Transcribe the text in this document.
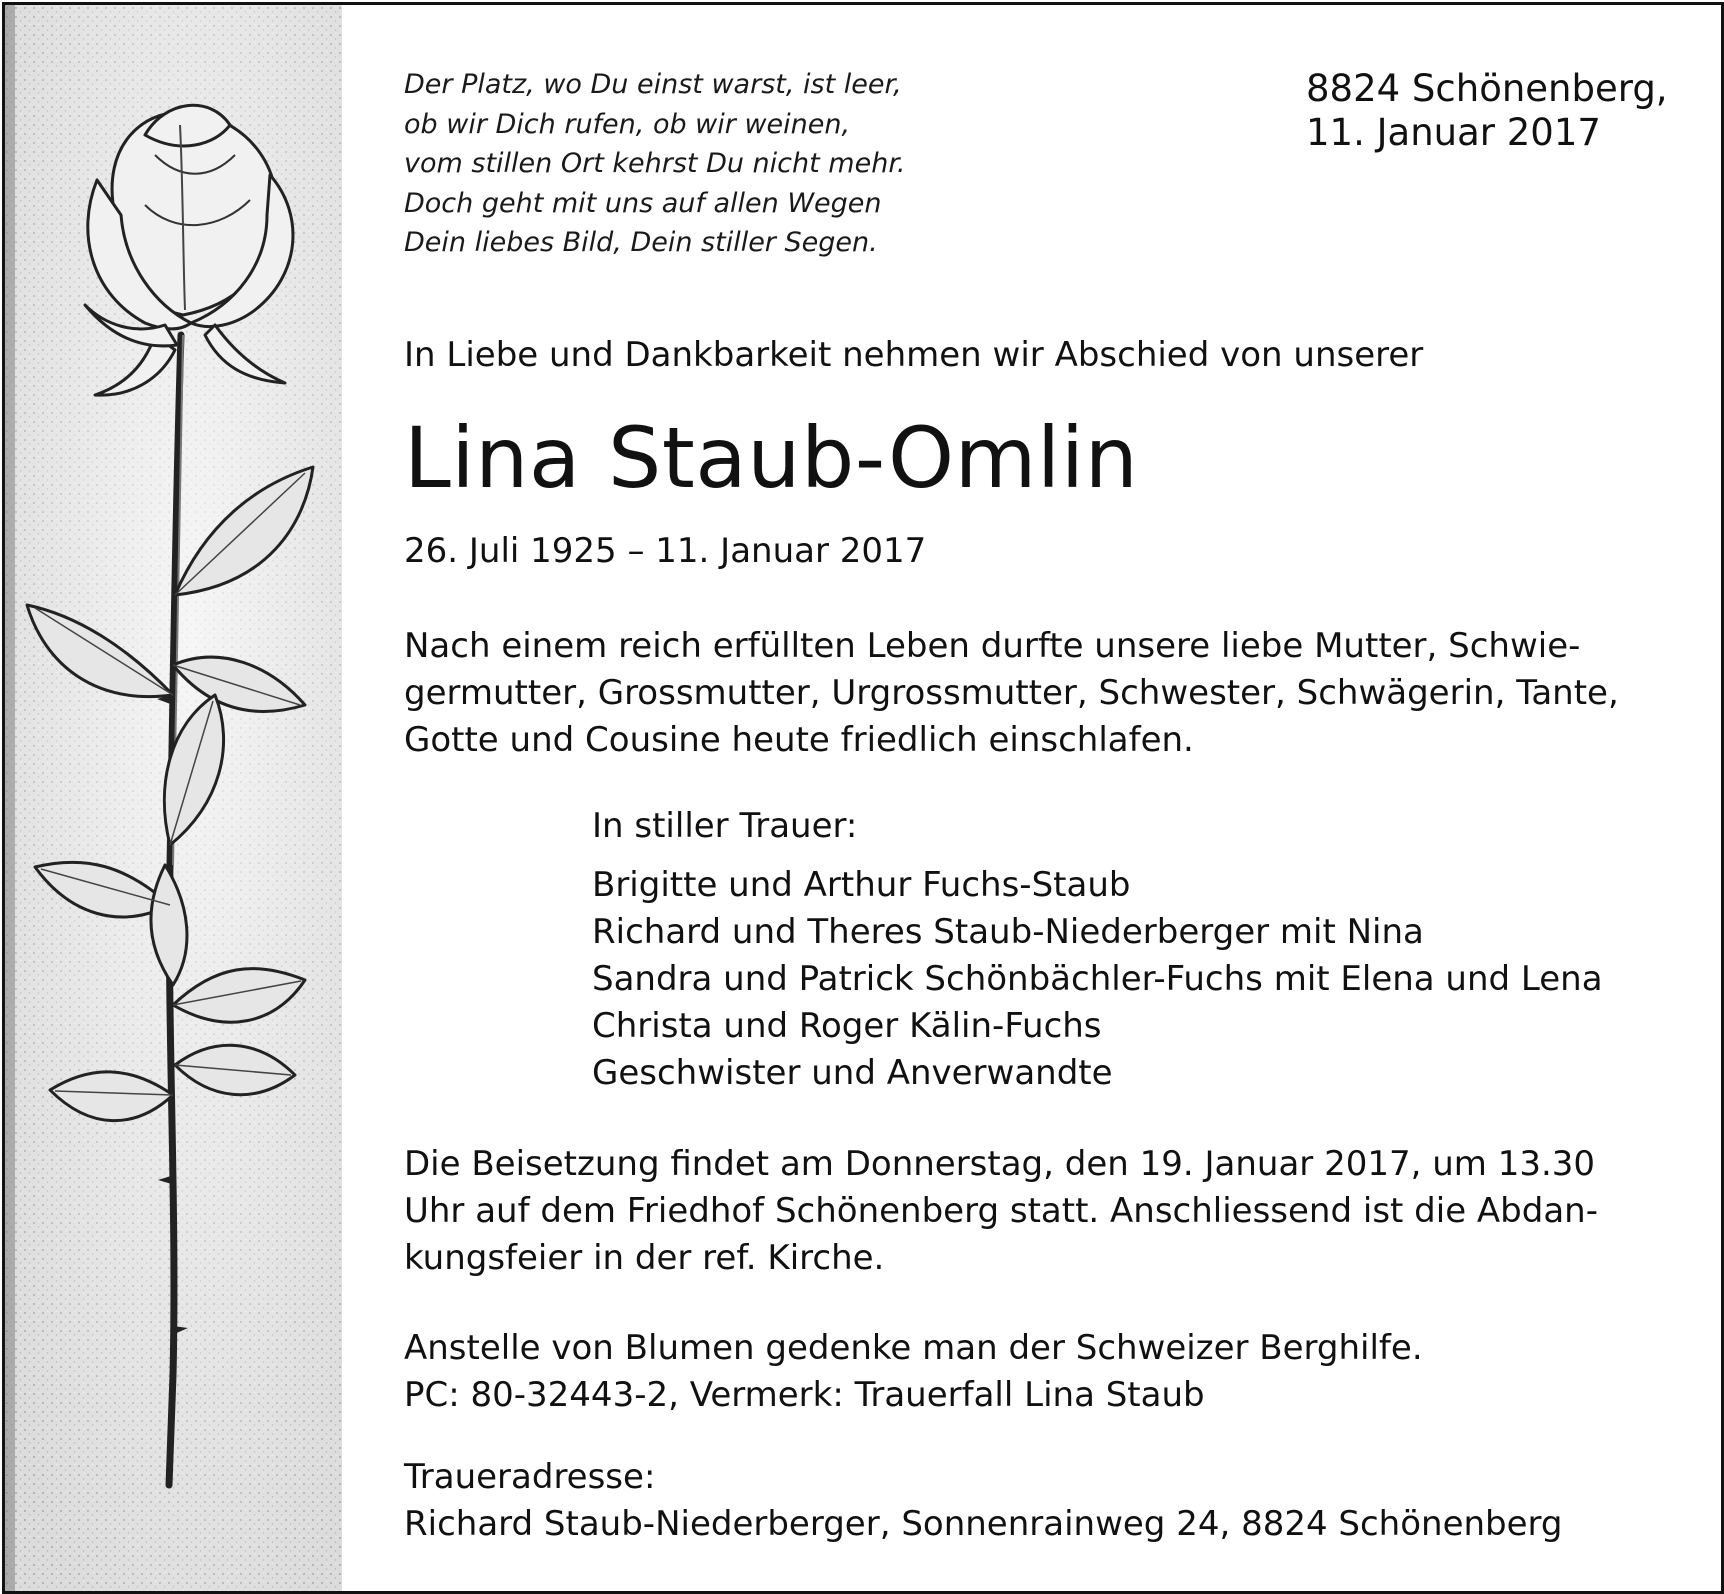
Der Platz, wo Du einst warst, ist leer,
ob wir Dich rufen, ob wir weinen,
vom stillen Ort kehrst Du nicht mehr.
Doch geht mit uns auf allen Wegen
Dein liebes Bild, Dein stiller Segen.
8824 Schönenberg,
11. Januar 2017
In Liebe und Dankbarkeit nehmen wir Abschied von unserer
Lina Staub-Omlin
26. Juli 1925 – 11. Januar 2017
Nach einem reich erfüllten Leben durfte unsere liebe Mutter, Schwie-
germutter, Grossmutter, Urgrossmutter, Schwester, Schwägerin, Tante,
Gotte und Cousine heute friedlich einschlafen.
In stiller Trauer:
Brigitte und Arthur Fuchs-Staub
Richard und Theres Staub-Niederberger mit Nina
Sandra und Patrick Schönbächler-Fuchs mit Elena und Lena
Christa und Roger Kälin-Fuchs
Geschwister und Anverwandte
Die Beisetzung findet am Donnerstag, den 19. Januar 2017, um 13.30
Uhr auf dem Friedhof Schönenberg statt. Anschliessend ist die Abdan-
kungsfeier in der ref. Kirche.
Anstelle von Blumen gedenke man der Schweizer Berghilfe.
PC: 80-32443-2, Vermerk: Trauerfall Lina Staub
Traueradresse:
Richard Staub-Niederberger, Sonnenrainweg 24, 8824 Schönenberg
